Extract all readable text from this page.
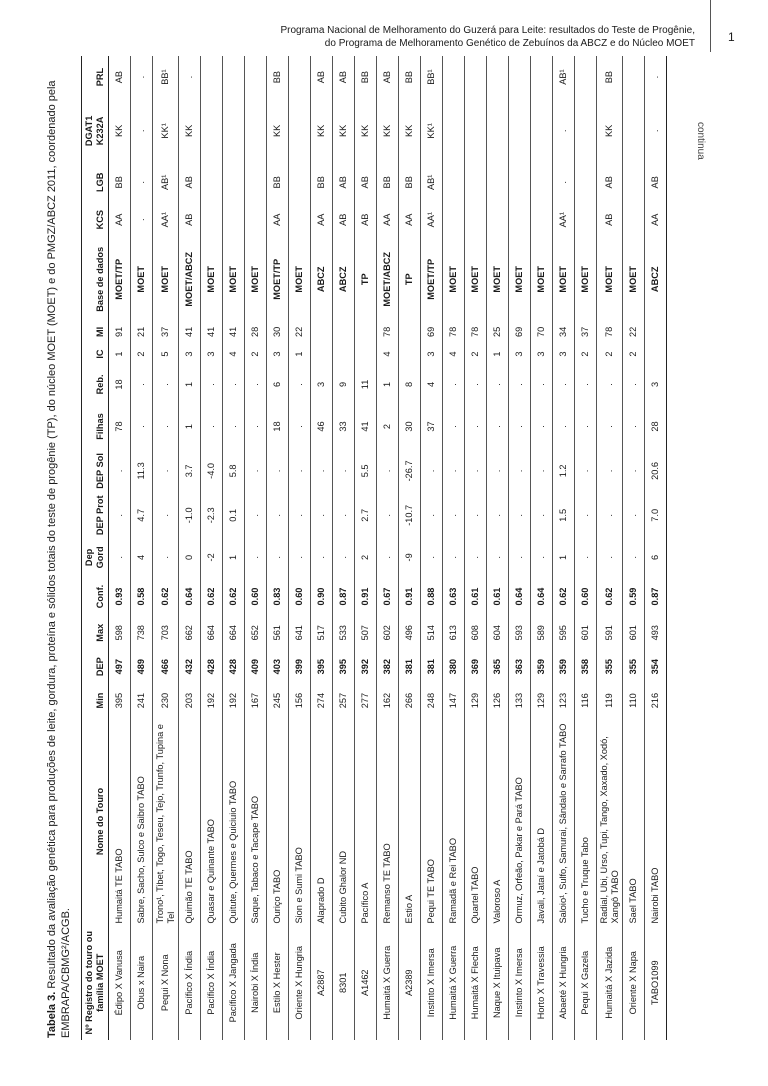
Programa Nacional de Melhoramento do Guzerá para Leite: resultados do Teste de Progênie,
do Programa de Melhoramento Genético de Zebuínos da ABCZ e do Núcleo MOET	1
continua

Tabela 3. Resultado da avaliação genética para produções de leite, gordura, proteína e sólidos totais do teste de progênie (TP), do núcleo MOET (MOET) e do PMGZ/ABCZ 2011, coordenado pela EMBRAPA/CBMG²/ACGB. Nº Registro do touro ou família MOET	Nome do Touro	Min	DEP	Max	Conf.	Dep Gord	DEP Prot	DEP Sol	Filhas	Reb.	IC	MI	Base de dados	KCS	LGB	DGAT1 K232A	PRL
Édipo X Vanusa	Humaitá TE TABO	395	497	598	0.93	.	.	.	78	18	1	91	MOET/TP	AA	BB	KK	AB
Obus x Naira	Sabre, Sacho, Sulco e Saibro TABO	241	489	738	0.58	4	4.7	11.3	.	.	2	21	MOET	.	.	.	.
Pequi X Nona	Trono¹, Tibet, Togo, Teseu, Tejo, Trunfo, Tupina e Tel	230	466	703	0.62	.	.	.	.	.	5	37	MOET	AA¹	AB¹	KK¹	BB¹
Pacífico X Índia	Quimão TE TABO	203	432	662	0.64	0	-1.0	3.7	1	1	3	41	MOET/ABCZ	AB	AB	KK	.
Pacífico X Índia	Quasar e Quinante TABO	192	428	664	0.62	-2	-2.3	-4.0	.	.	3	41	MOET				
Pacífico X Jangada	Quitute, Quermes e Quiciuio TABO	192	428	664	0.62	1	0.1	5.8	.	.	4	41	MOET				
Nairobi X Índia	Saque, Tabaco e Tacape TABO	167	409	652	0.60	.	.	.	.	.	2	28	MOET				
Estilo X Hester	Ouriço TABO	245	403	561	0.83	.	.	.	18	6	3	30	MOET/TP	AA	BB	KK	BB
Oriente X Hungria	Sion e Sumi TABO	156	399	641	0.60	.	.	.	.	.	1	22	MOET				
A2887	Alaprado D	274	395	517	0.90	.	.	.	46	3			ABCZ	AA	BB	KK	AB
8301	Cubito Ghalor ND	257	395	533	0.87	.	.	.	33	9			ABCZ	AB	AB	KK	AB
A1462	Pacífico A	277	392	507	0.91	2	2.7	5.5	41	11			TP	AB	AB	KK	BB
Humaitá X Guerra	Remanso TE TABO	162	382	602	0.67	.	.	.	2	1	4	78	MOET/ABCZ	AA	BB	KK	AB
A2389	Estio A	266	381	496	0.91	-9	-10.7	-26.7	30	8			TP	AA	BB	KK	BB
Instinto X Imersa	Pequi TE TABO	248	381	514	0.88	.	.	.	37	4	3	69	MOET/TP	AA¹	AB¹	KK¹	BB¹
Humaitá X Guerra	Ramadã e Rei TABO	147	380	613	0.63	.	.	.	.	.	4	78	MOET				
Humaitá X Flecha	Quartel TABO	129	369	608	0.61	.	.	.	.	.	2	78	MOET				
Naque X Ituipava	Valoroso A	126	365	604	0.61	.	.	.	.	.	1	25	MOET				
Instinto X Imersa	Ormuz, Orfeão, Pakar e Pará TABO	133	363	593	0.64	.	.	.	.	.	3	69	MOET				
Horto X Travessia	Javali, Jataí e Jatobá D	129	359	589	0.64	.	.	.	.	.	3	70	MOET				
Abaeté X Hungria	Saloio¹, Sulfo, Samurai, Sândalo e Sarrafo TABO	123	359	595	0.62	1	1.5	1.2	.	.	3	34	MOET	AA¹	.	.	AB¹
Pequi X Gazela	Tucho e Truque Tabo	116	358	601	0.60	.	.	.	.	.	2	37	MOET				
Humaitá X Jazida	Radial, Ubi, Urso, Tupi, Tango, Xaxado, Xodó, Xangô TABO	119	355	591	0.62	.	.	.	.	.	2	78	MOET	AB	AB	KK	BB
Oriente X Napa	Sael TABO	110	355	601	0.59	.	.	.	.	.	2	22	MOET				
TABO1099	Nairobi TABO	216	354	493	0.87	6	7.0	20.6	28	3			ABCZ	AA	AB	.	.
